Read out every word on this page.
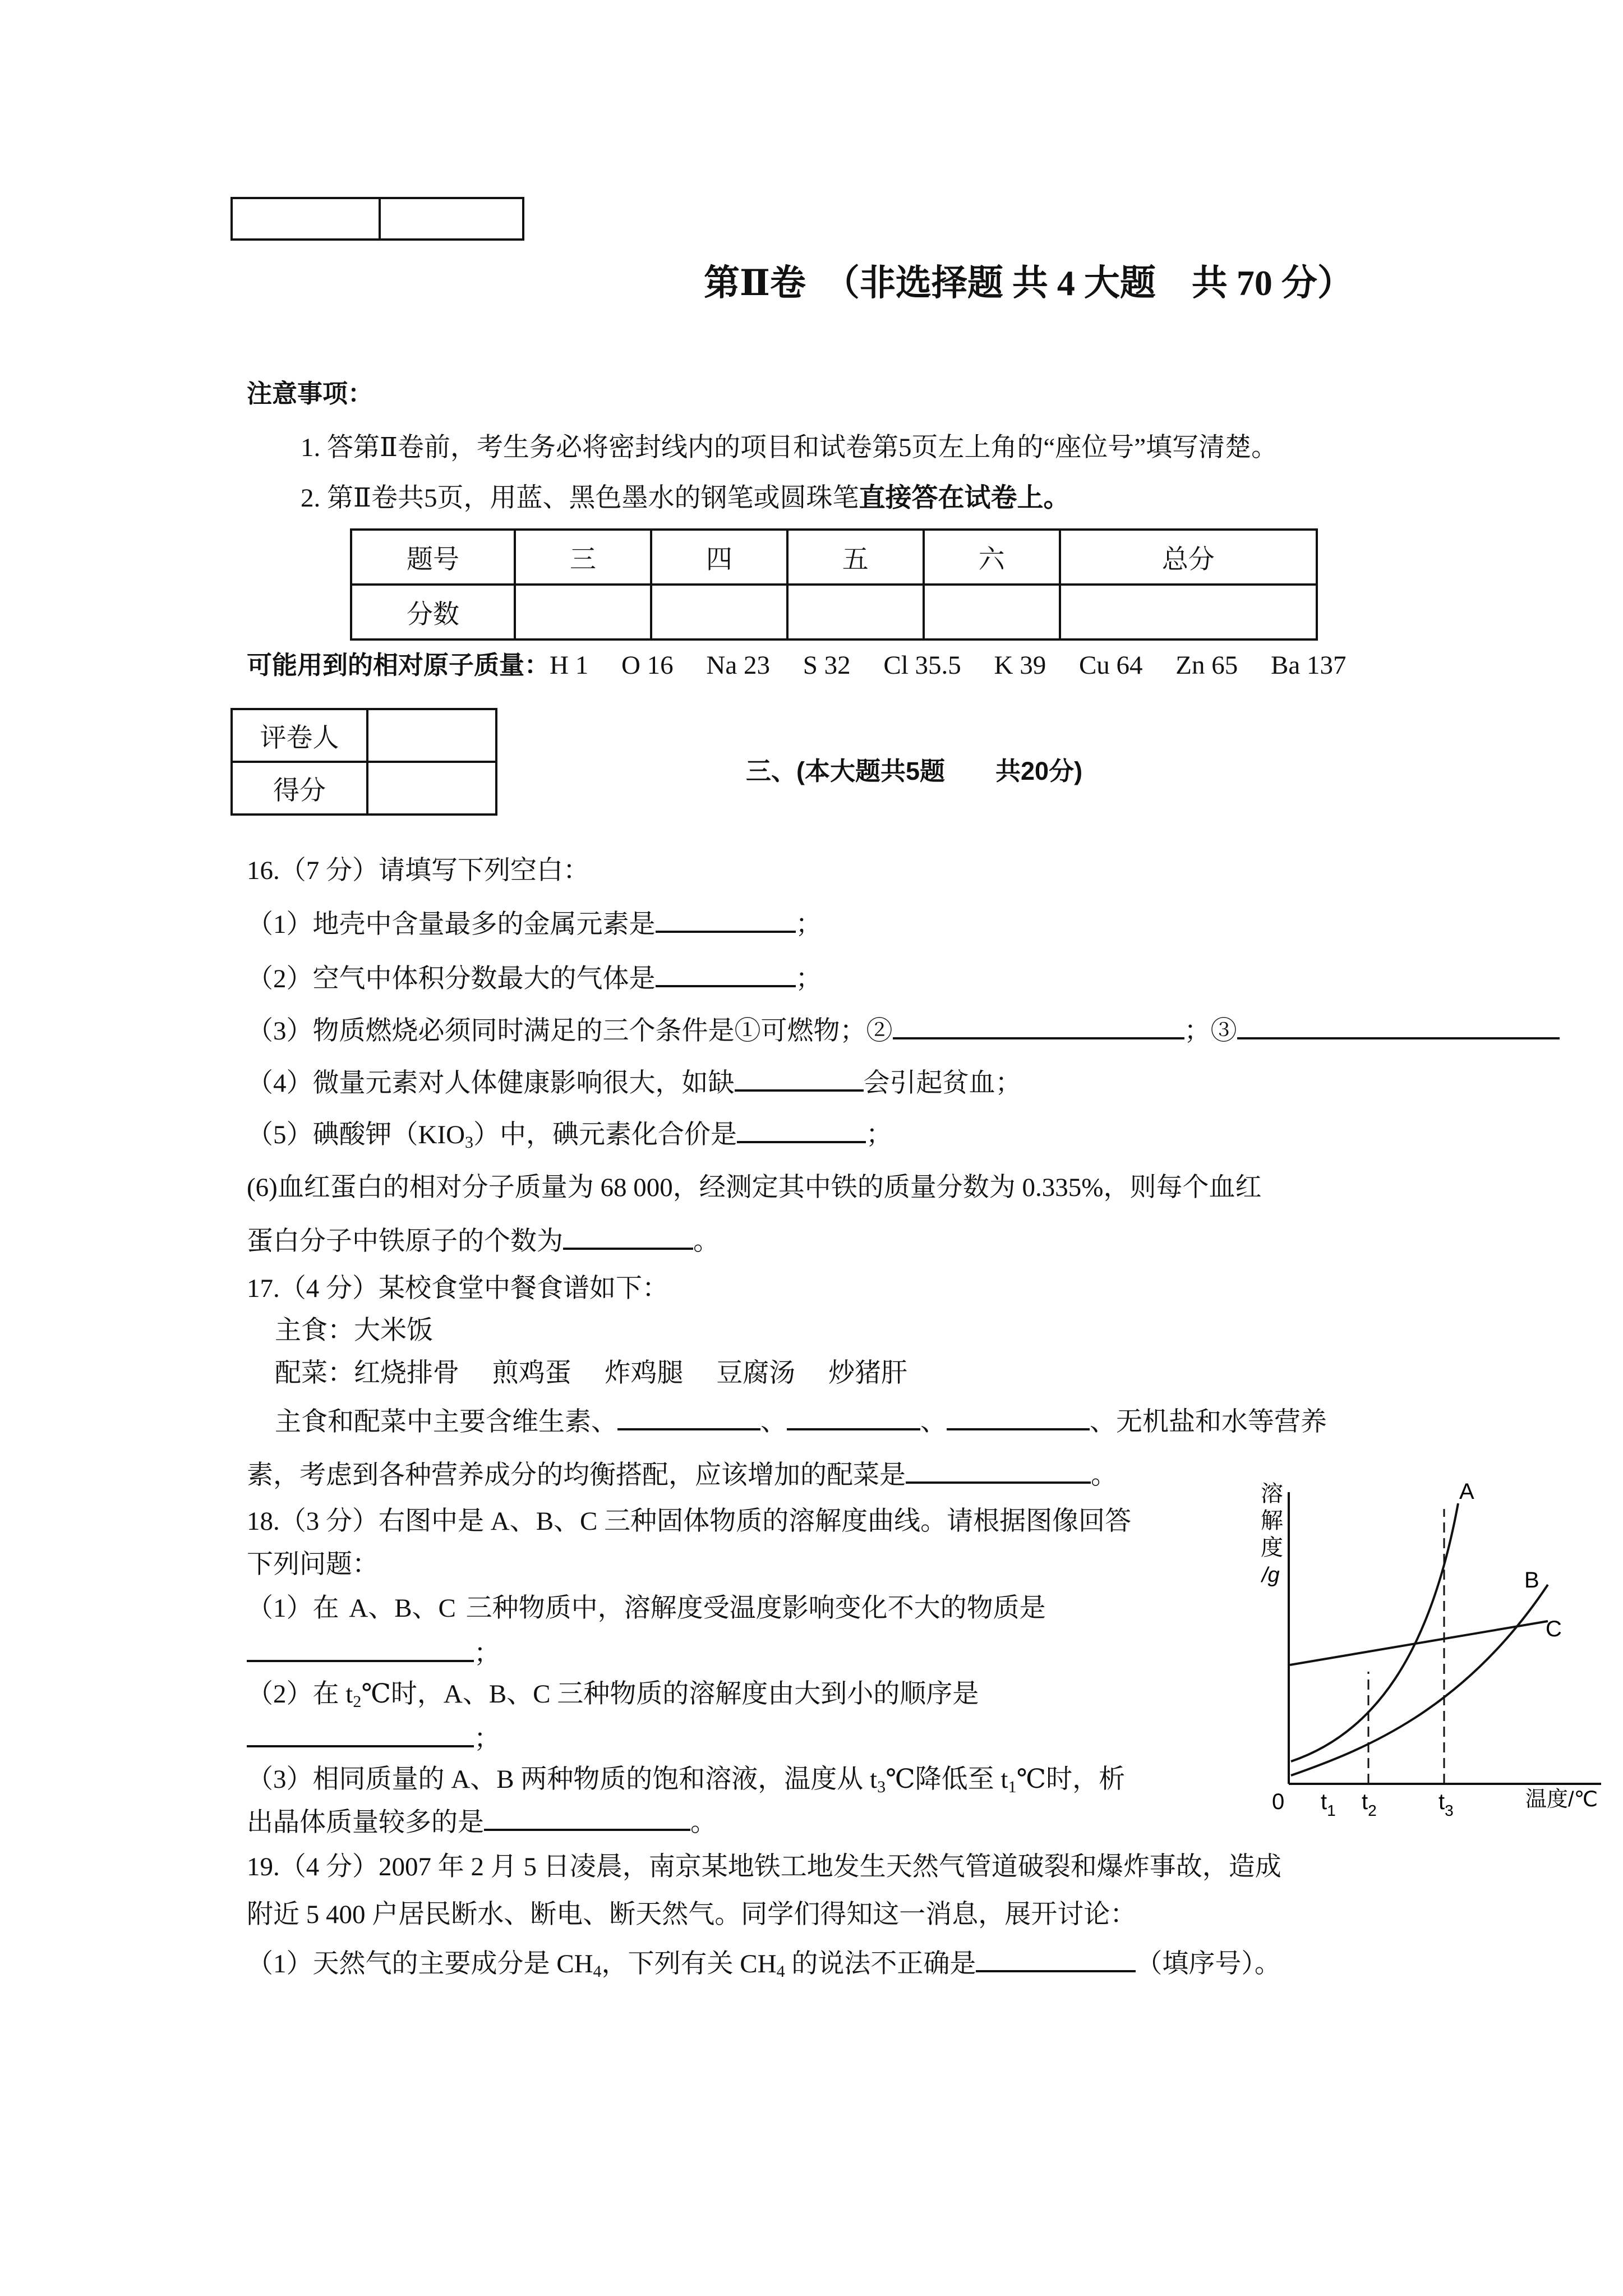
第Ⅱ卷　（非选择题 共 4 大题　共 70 分）
注意事项：
1. 答第Ⅱ卷前，考生务必将密封线内的项目和试卷第5页左上角的“座位号”填写清楚。
2. 第Ⅱ卷共5页，用蓝、黑色墨水的钢笔或圆珠笔直接答在试卷上。
题号	三	四	五	六	总分
分数					
可能用到的相对原子质量：H 1　 O 16　 Na 23　 S 32　 Cl 35.5　 K 39　 Cu 64　 Zn 65　 Ba 137
评卷人	
得分	
三、(本大题共5题　　共20分)
16.（7 分）请填写下列空白：
（1）地壳中含量最多的金属元素是	；
（2）空气中体积分数最大的气体是	；
（3）物质燃烧必须同时满足的三个条件是①可燃物；②	；③
（4）微量元素对人体健康影响很大，如缺	会引起贫血；
（5）碘酸钾$(KIO_3)$中，碘元素化合价是	；
(6)血红蛋白的相对分子质量为 68 000，经测定其中铁的质量分数为 0.335%，则每个血红
蛋白分子中铁原子的个数为	。
17.（4 分）某校食堂中餐食谱如下：
主食：大米饭
配菜：红烧排骨　 煎鸡蛋　 炸鸡腿　 豆腐汤　 炒猪肝
主食和配菜中主要含维生素、	、	、	、无机盐和水等营养
素，考虑到各种营养成分的均衡搭配，应该增加的配菜是	。
18.（3 分）右图中是 A、B、C 三种固体物质的溶解度曲线。请根据图像回答
下列问题：
（1）在 A、B、C 三种物质中，溶解度受温度影响变化不大的物质是
；
（2）在 $t_2℃$时，A、B、C 三种物质的溶解度由大到小的顺序是
；
（3）相同质量的 A、B 两种物质的饱和溶液，温度从 $t_3℃$降低至 $t_1℃$时，析
出晶体质量较多的是	。
溶
解
度
/g
A
B
C
0 $t_1$ $t_2$	$t_3$	温度/℃
19.（4 分）2007 年 2 月 5 日凌晨，南京某地铁工地发生天然气管道破裂和爆炸事故，造成
附近 5 400 户居民断水、断电、断天然气。同学们得知这一消息，展开讨论：
（1）天然气的主要成分是 $CH_4$，下列有关 $CH_4$ 的说法不正确是	（填序号）。
